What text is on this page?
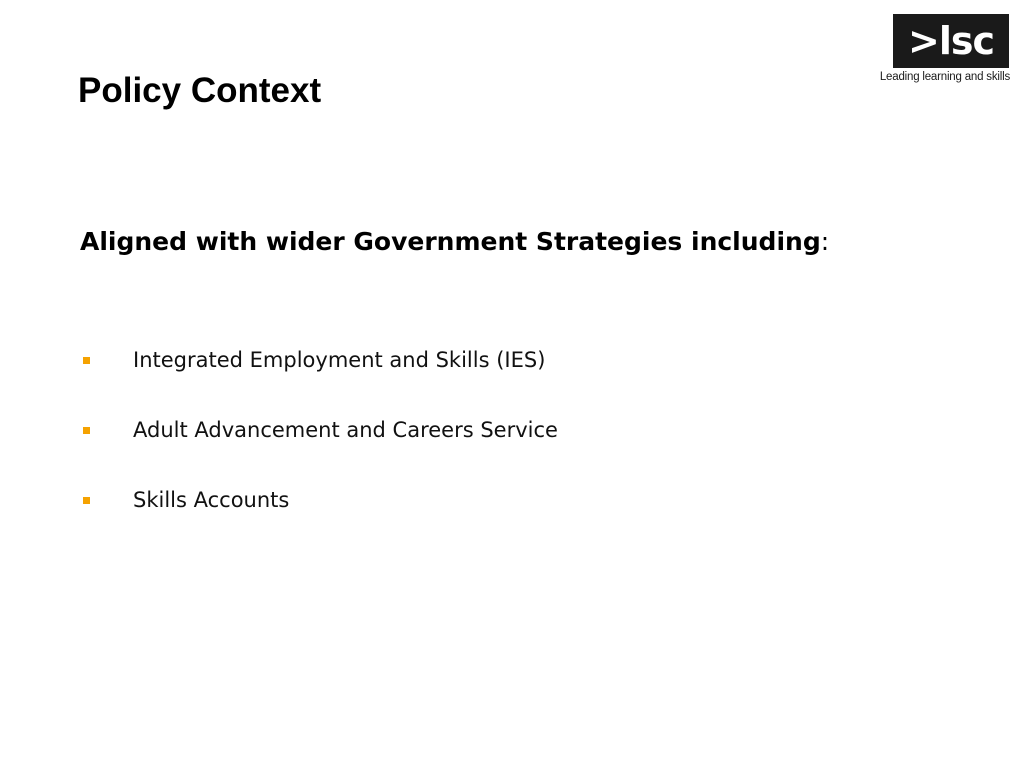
Policy Context
>lsc
Leading learning and skills

Aligned with wider Government Strategies including:

Integrated Employment and Skills (IES)
Adult Advancement and Careers Service
Skills Accounts
